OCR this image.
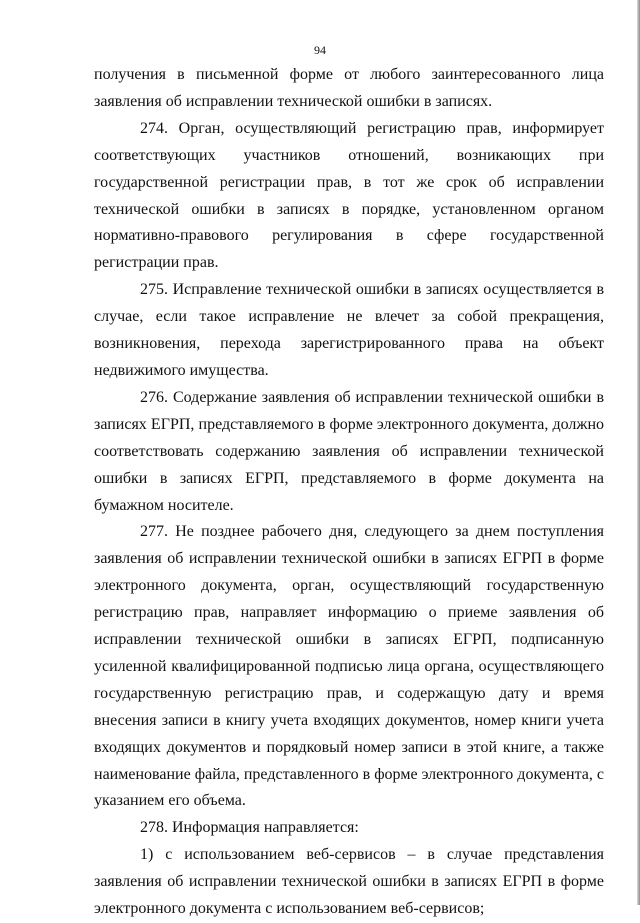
94

получения в письменной форме от любого заинтересованного лица заявления об исправлении технической ошибки в записях.

274. Орган, осуществляющий регистрацию прав, информирует соответствующих участников отношений, возникающих при государственной регистрации прав, в тот же срок об исправлении технической ошибки в записях в порядке, установленном органом нормативно-правового регулирования в сфере государственной регистрации прав.

275. Исправление технической ошибки в записях осуществляется в случае, если такое исправление не влечет за собой прекращения, возникновения, перехода зарегистрированного права на объект недвижимого имущества.

276. Содержание заявления об исправлении технической ошибки в записях ЕГРП, представляемого в форме электронного документа, должно соответствовать содержанию заявления об исправлении технической ошибки в записях ЕГРП, представляемого в форме документа на бумажном носителе.

277. Не позднее рабочего дня, следующего за днем поступления заявления об исправлении технической ошибки в записях ЕГРП в форме электронного документа, орган, осуществляющий государственную регистрацию прав, направляет информацию о приеме заявления об исправлении технической ошибки в записях ЕГРП, подписанную усиленной квалифицированной подписью лица органа, осуществляющего государственную регистрацию прав, и содержащую дату и время внесения записи в книгу учета входящих документов, номер книги учета входящих документов и порядковый номер записи в этой книге, а также наименование файла, представленного в форме электронного документа, с указанием его объема.

278. Информация направляется:

1) с использованием веб-сервисов – в случае представления заявления об исправлении технической ошибки в записях ЕГРП в форме электронного документа с использованием веб-сервисов;
